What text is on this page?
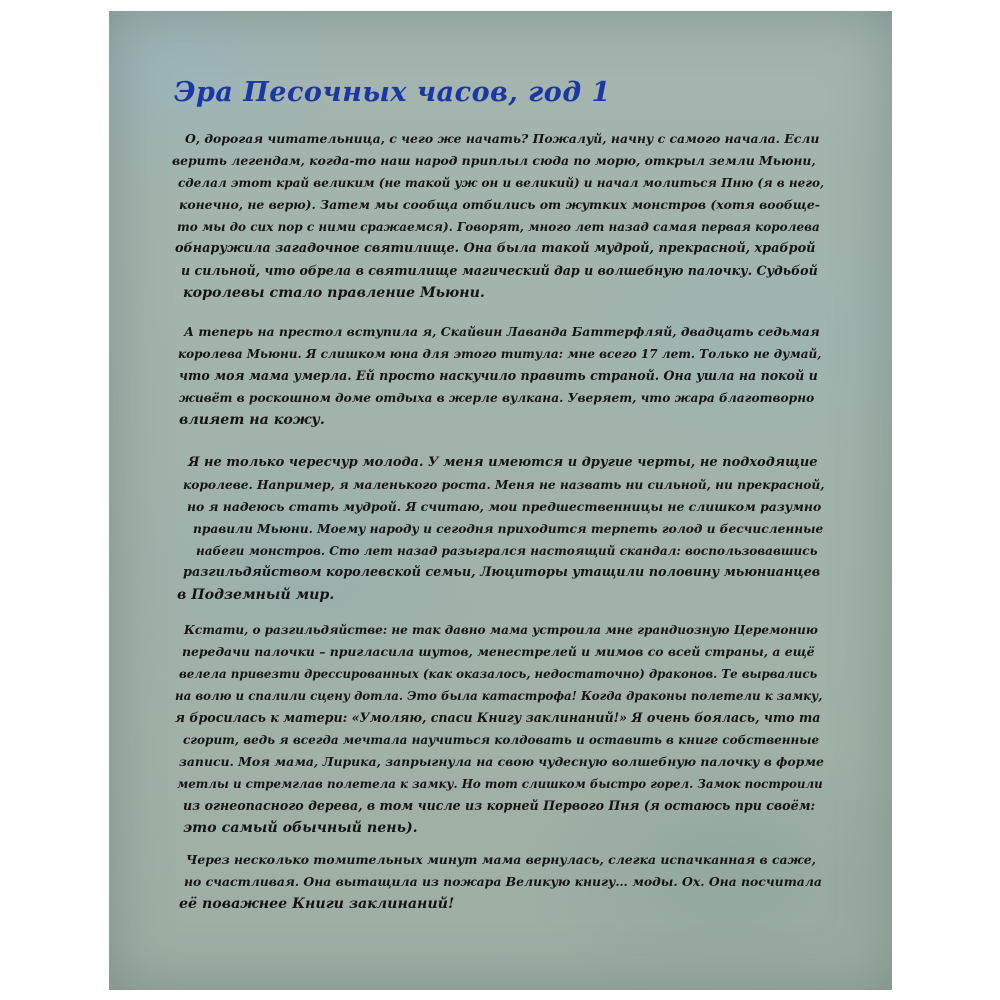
Эра Песочных часов, год 1
О, дорогая читательница, с чего же начать? Пожалуй, начну с самого начала. Если
верить легендам, когда-то наш народ приплыл сюда по морю, открыл земли Мьюни,
сделал этот край великим (не такой уж он и великий) и начал молиться Пню (я в него,
конечно, не верю). Затем мы сообща отбились от жутких монстров (хотя вообще-
то мы до сих пор с ними сражаемся). Говорят, много лет назад самая первая королева
обнаружила загадочное святилище. Она была такой мудрой, прекрасной, храброй
и сильной, что обрела в святилище магический дар и волшебную палочку. Судьбой
королевы стало правление Мьюни.
А теперь на престол вступила я, Скайвин Лаванда Баттерфляй, двадцать седьмая
королева Мьюни. Я слишком юна для этого титула: мне всего 17 лет. Только не думай,
что моя мама умерла. Ей просто наскучило править страной. Она ушла на покой и
живёт в роскошном доме отдыха в жерле вулкана. Уверяет, что жара благотворно
влияет на кожу.
Я не только чересчур молода. У меня имеются и другие черты, не подходящие
королеве. Например, я маленького роста. Меня не назвать ни сильной, ни прекрасной,
но я надеюсь стать мудрой. Я считаю, мои предшественницы не слишком разумно
правили Мьюни. Моему народу и сегодня приходится терпеть голод и бесчисленные
набеги монстров. Сто лет назад разыгрался настоящий скандал: воспользовавшись
разгильдяйством королевской семьи, Люциторы утащили половину мьюнианцев
в Подземный мир.
Кстати, о разгильдяйстве: не так давно мама устроила мне грандиозную Церемонию
передачи палочки – пригласила шутов, менестрелей и мимов со всей страны, а ещё
велела привезти дрессированных (как оказалось, недостаточно) драконов. Те вырвались
на волю и спалили сцену дотла. Это была катастрофа! Когда драконы полетели к замку,
я бросилась к матери: «Умоляю, спаси Книгу заклинаний!» Я очень боялась, что та
сгорит, ведь я всегда мечтала научиться колдовать и оставить в книге собственные
записи. Моя мама, Лирика, запрыгнула на свою чудесную волшебную палочку в форме
метлы и стремглав полетела к замку. Но тот слишком быстро горел. Замок построили
из огнеопасного дерева, в том числе из корней Первого Пня (я остаюсь при своём:
это самый обычный пень).
Через несколько томительных минут мама вернулась, слегка испачканная в саже,
но счастливая. Она вытащила из пожара Великую книгу… моды. Ох. Она посчитала
её поважнее Книги заклинаний!
